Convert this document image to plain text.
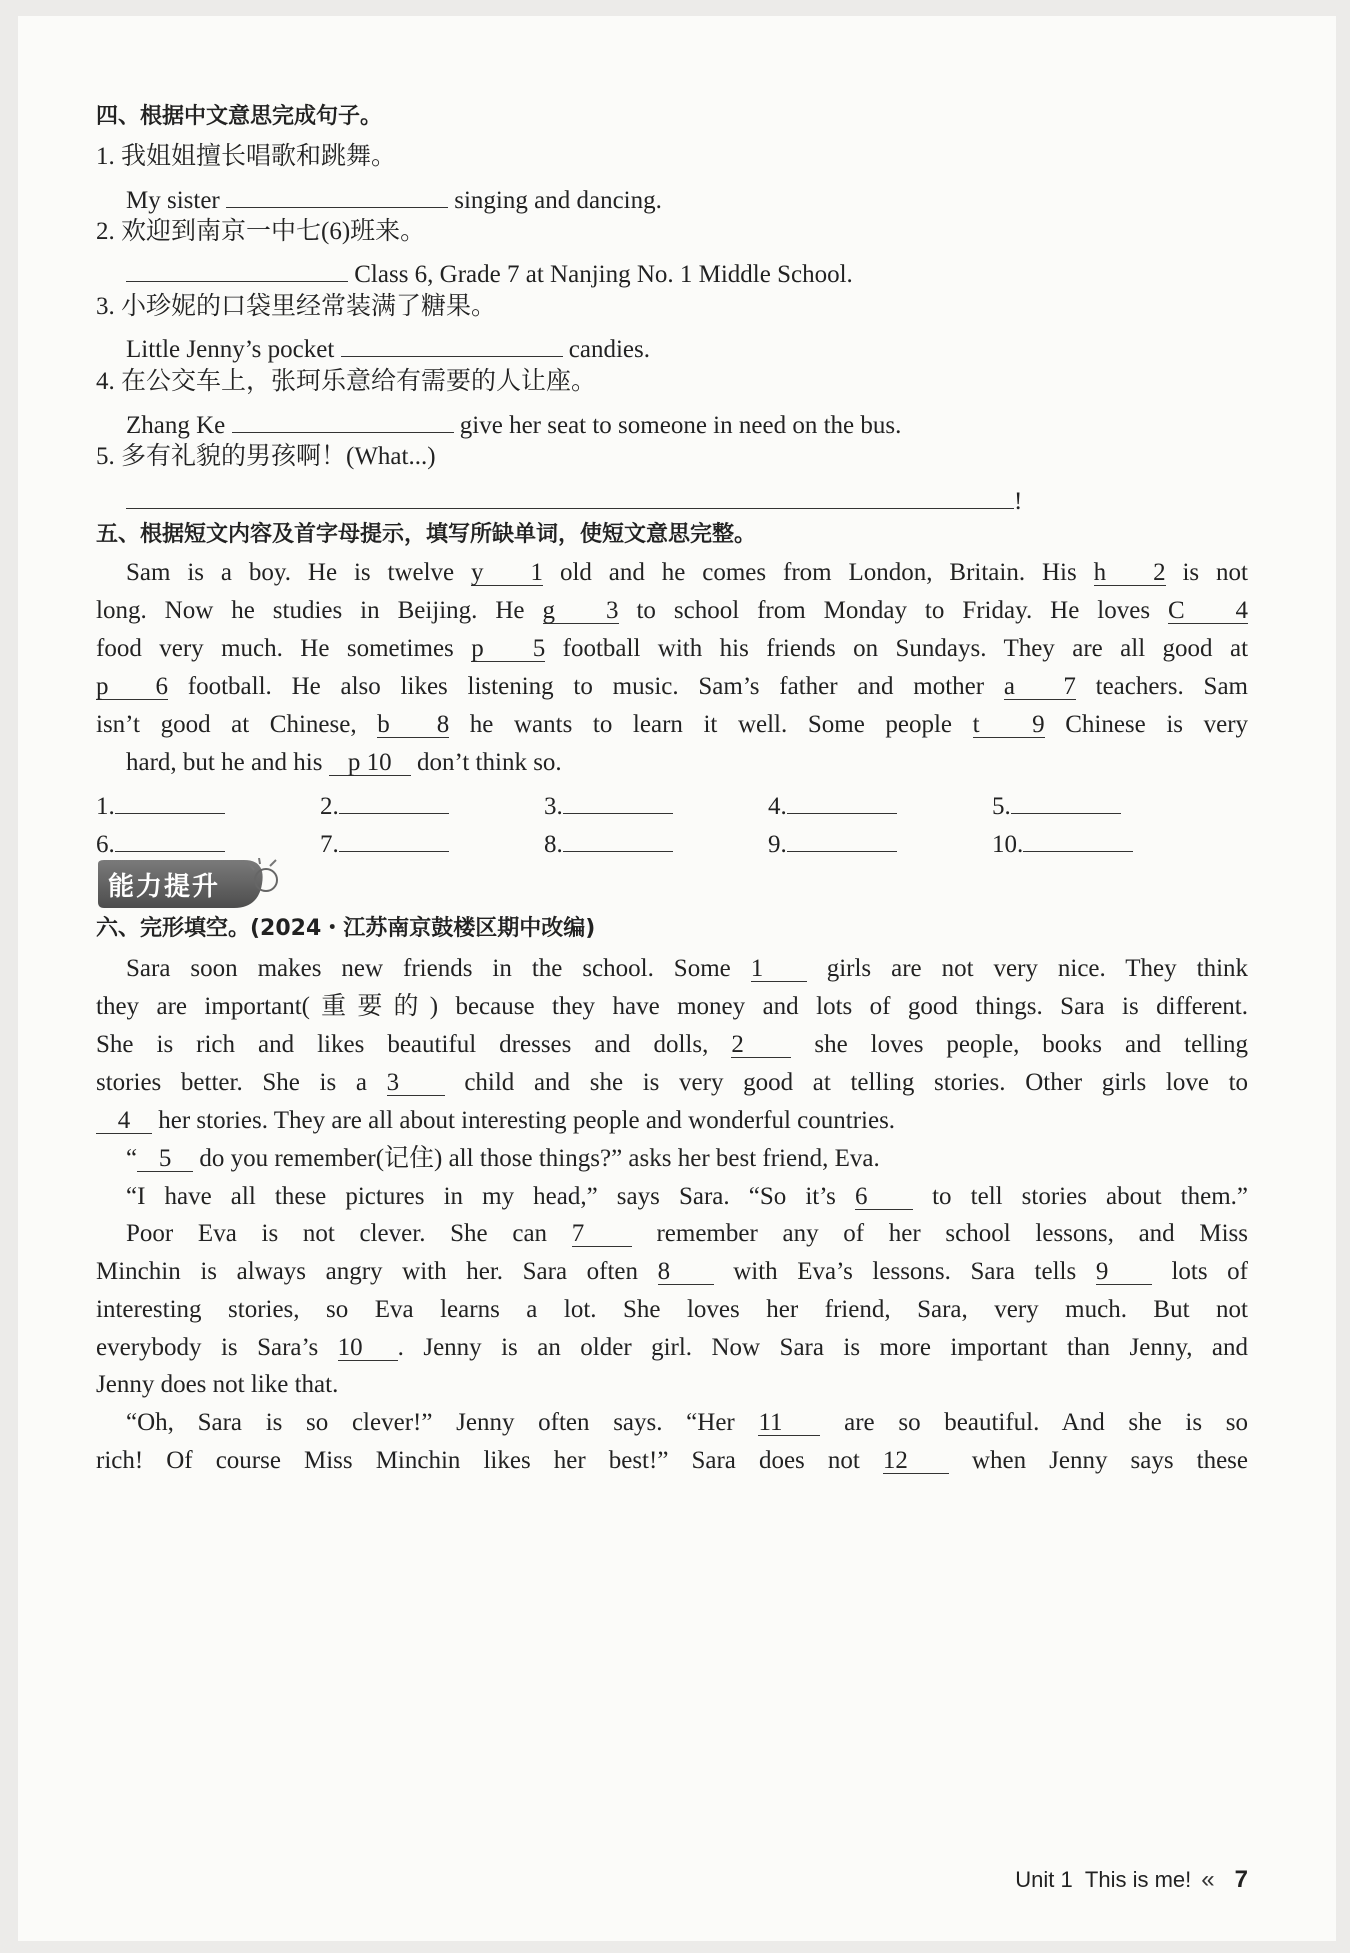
四、根据中文意思完成句子。
1. 我姐姐擅长唱歌和跳舞。
My sister	singing and dancing.
2. 欢迎到南京一中七(6)班来。
Class 6, Grade 7 at Nanjing No. 1 Middle School.
3. 小珍妮的口袋里经常装满了糖果。
Little Jenny’s pocket	candies.
4. 在公交车上，张珂乐意给有需要的人让座。
Zhang Ke	give her seat to someone in need on the bus.
5. 多有礼貌的男孩啊！(What...)
!
五、根据短文内容及首字母提示，填写所缺单词，使短文意思完整。
Sam is a boy. He is twelve y 1 old and he comes from London, Britain. His h 2 is not
long. Now he studies in Beijing. He g 3 to school from Monday to Friday. He loves C 4
food very much. He sometimes p 5 football with his friends on Sundays. They are all good at
p 6 football. He also likes listening to music. Sam’s father and mother a 7 teachers. Sam
isn’t good at Chinese, b 8 he wants to learn it well. Some people t 9 Chinese is very
hard, but he and his p 10 don’t think so.
1.	2.	3.	4.	5.
6.	7.	8.	9.	10.
能力提升
六、完形填空。(2024・江苏南京鼓楼区期中改编)
Sara soon makes new friends in the school. Some 1	girls are not very nice. They think
they are important(重要的) because they have money and lots of good things. Sara is different.
She is rich and likes beautiful dresses and dolls, 2	she loves people, books and telling
stories better. She is a 3	child and she is very good at telling stories. Other girls love to
4 her stories. They are all about interesting people and wonderful countries.
“ 5 do you remember(记住) all those things?” asks her best friend, Eva.
“I have all these pictures in my head,” says Sara. “So it’s 6	to tell stories about them.”
Poor Eva is not clever. She can 7	remember any of her school lessons, and Miss
Minchin is always angry with her. Sara often 8	with Eva’s lessons. Sara tells 9	lots of
interesting stories, so Eva learns a lot. She loves her friend, Sara, very much. But not
everybody is Sara’s 10 . Jenny is an older girl. Now Sara is more important than Jenny, and
Jenny does not like that.
“Oh, Sara is so clever!” Jenny often says. “Her 11 are so beautiful. And she is so
rich! Of course Miss Minchin likes her best!” Sara does not 12	when Jenny says these
Unit 1 This is me! « 7
